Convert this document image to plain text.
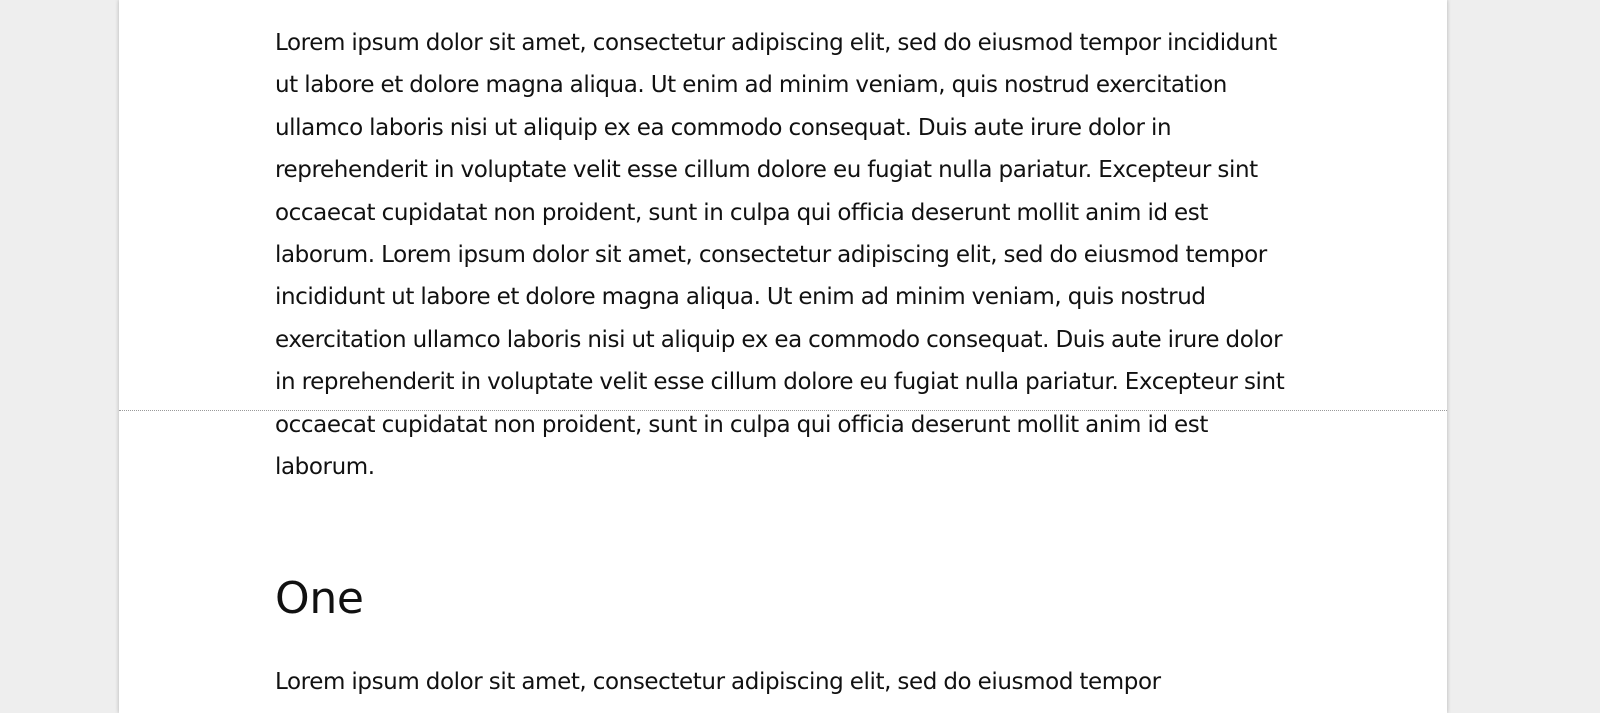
Lorem ipsum dolor sit amet, consectetur adipiscing elit, sed do eiusmod tempor incididunt ut labore et dolore magna aliqua. Ut enim ad minim veniam, quis nostrud exercitation ullamco laboris nisi ut aliquip ex ea commodo consequat. Duis aute irure dolor in reprehenderit in voluptate velit esse cillum dolore eu fugiat nulla pariatur. Excepteur sint occaecat cupidatat non proident, sunt in culpa qui officia deserunt mollit anim id est laborum. Lorem ipsum dolor sit amet, consectetur adipiscing elit, sed do eiusmod tempor incididunt ut labore et dolore magna aliqua. Ut enim ad minim veniam, quis nostrud exercitation ullamco laboris nisi ut aliquip ex ea commodo consequat. Duis aute irure dolor in reprehenderit in voluptate velit esse cillum dolore eu fugiat nulla pariatur. Excepteur sint occaecat cupidatat non proident, sunt in culpa qui officia deserunt mollit anim id est laborum.

One

Lorem ipsum dolor sit amet, consectetur adipiscing elit, sed do eiusmod tempor
